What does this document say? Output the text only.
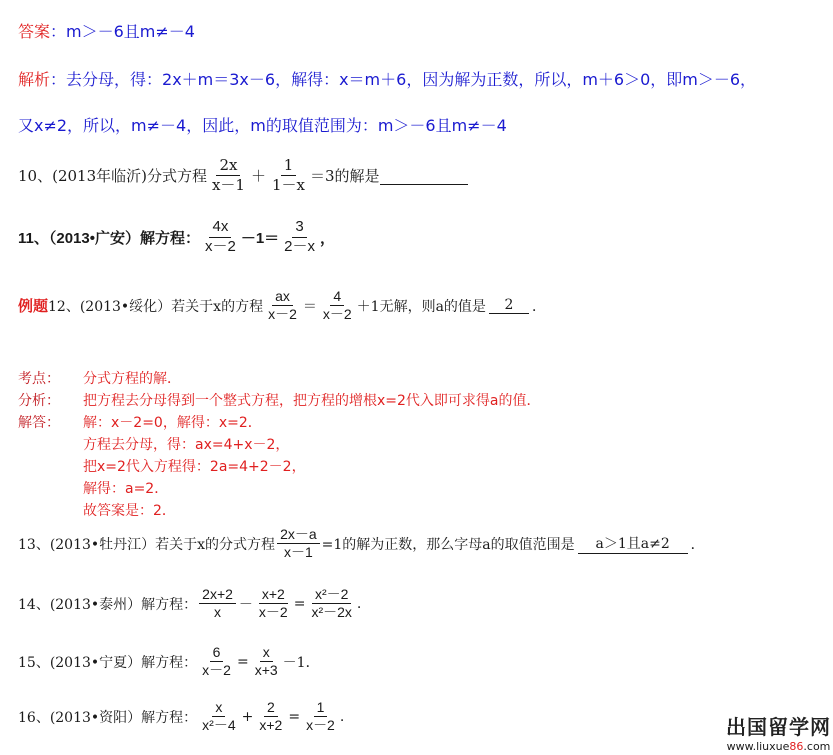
答案：m＞－6且m≠－4
解析：去分母，得：2x＋m＝3x－6，解得：x＝m＋6，因为解为正数，所以，m＋6＞0，即m＞－6，
又x≠2，所以，m≠－4，因此，m的取值范围为：m＞－6且m≠－4
10、(2013年临沂)分式方程 $\frac{2x}{x-1} + \frac{1}{1-x} =3$的解是
11、（2013•广安）解方程： $\frac{4x}{x-2} -1= \frac{3}{2-x}$ ，
例题 12、(2013•绥化）若关于x的方程 $\frac{ax}{x-2} = \frac{4}{x-2} +1$无解，则a的值是	2	．
考点：	分式方程的解．
分析：	把方程去分母得到一个整式方程，把方程的增根x=2代入即可求得a的值．
解答：	解：x－2=0，解得：x=2．
方程去分母，得：ax=4+x－2，
把x=2代入方程得：2a=4+2－2，
解得：a=2．
故答案是：2．
13、(2013•牡丹江）若关于x的分式方程 $\frac{2x-a}{x-1} =1$的解为正数，那么字母a的取值范围是	a＞1且a≠2	．
14、(2013•泰州）解方程： $\frac{2x+2}{x} - \frac{x+2}{x-2} = \frac{\text{x²－2}}{\text{x²－2x}}$ .
15、(2013•宁夏）解方程： $\frac{6}{x-2} = \frac{x}{x+3} -1$．
16、(2013•资阳）解方程： $\frac{x}{\text{x²－4}} + \frac{2}{x+2} = \frac{1}{x-2}$ .	出国留学网
www.liuxue86.com
